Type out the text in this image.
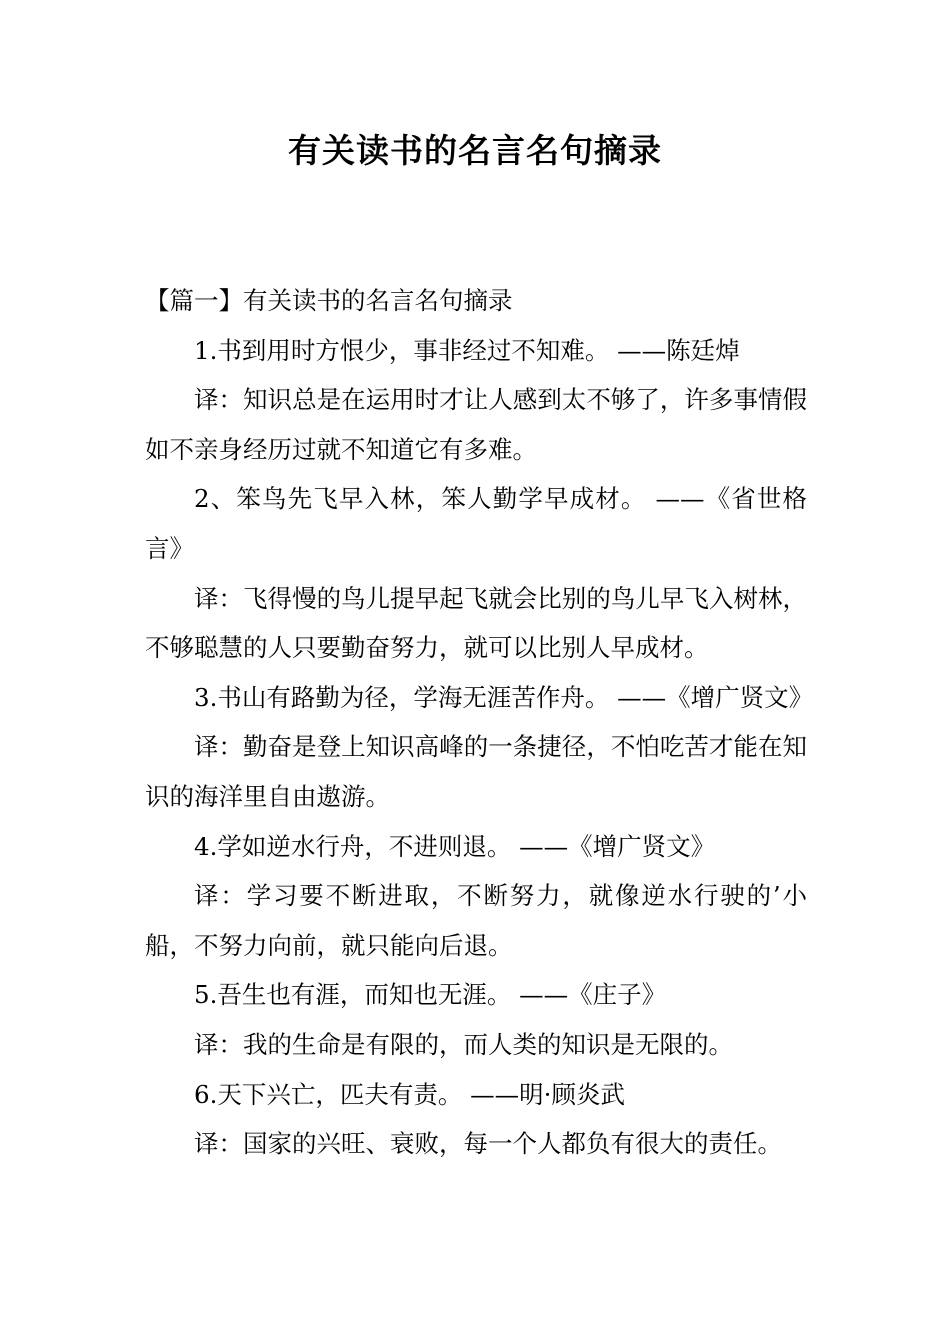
有关读书的名言名句摘录

【篇一】有关读书的名言名句摘录

1.书到用时方恨少，事非经过不知难。 ——陈廷焯

译：知识总是在运用时才让人感到太不够了，许多事情假如不亲身经历过就不知道它有多难。

2、笨鸟先飞早入林，笨人勤学早成材。 ——《省世格言》

译：飞得慢的鸟儿提早起飞就会比别的鸟儿早飞入树林，不够聪慧的人只要勤奋努力，就可以比别人早成材。

3.书山有路勤为径，学海无涯苦作舟。 ——《增广贤文》

译：勤奋是登上知识高峰的一条捷径，不怕吃苦才能在知识的海洋里自由遨游。

4.学如逆水行舟，不进则退。 ——《增广贤文》

译：学习要不断进取，不断努力，就像逆水行驶的’小船，不努力向前，就只能向后退。

5.吾生也有涯，而知也无涯。 ——《庄子》

译：我的生命是有限的，而人类的知识是无限的。

6.天下兴亡，匹夫有责。 ——明·顾炎武

译：国家的兴旺、衰败，每一个人都负有很大的责任。
